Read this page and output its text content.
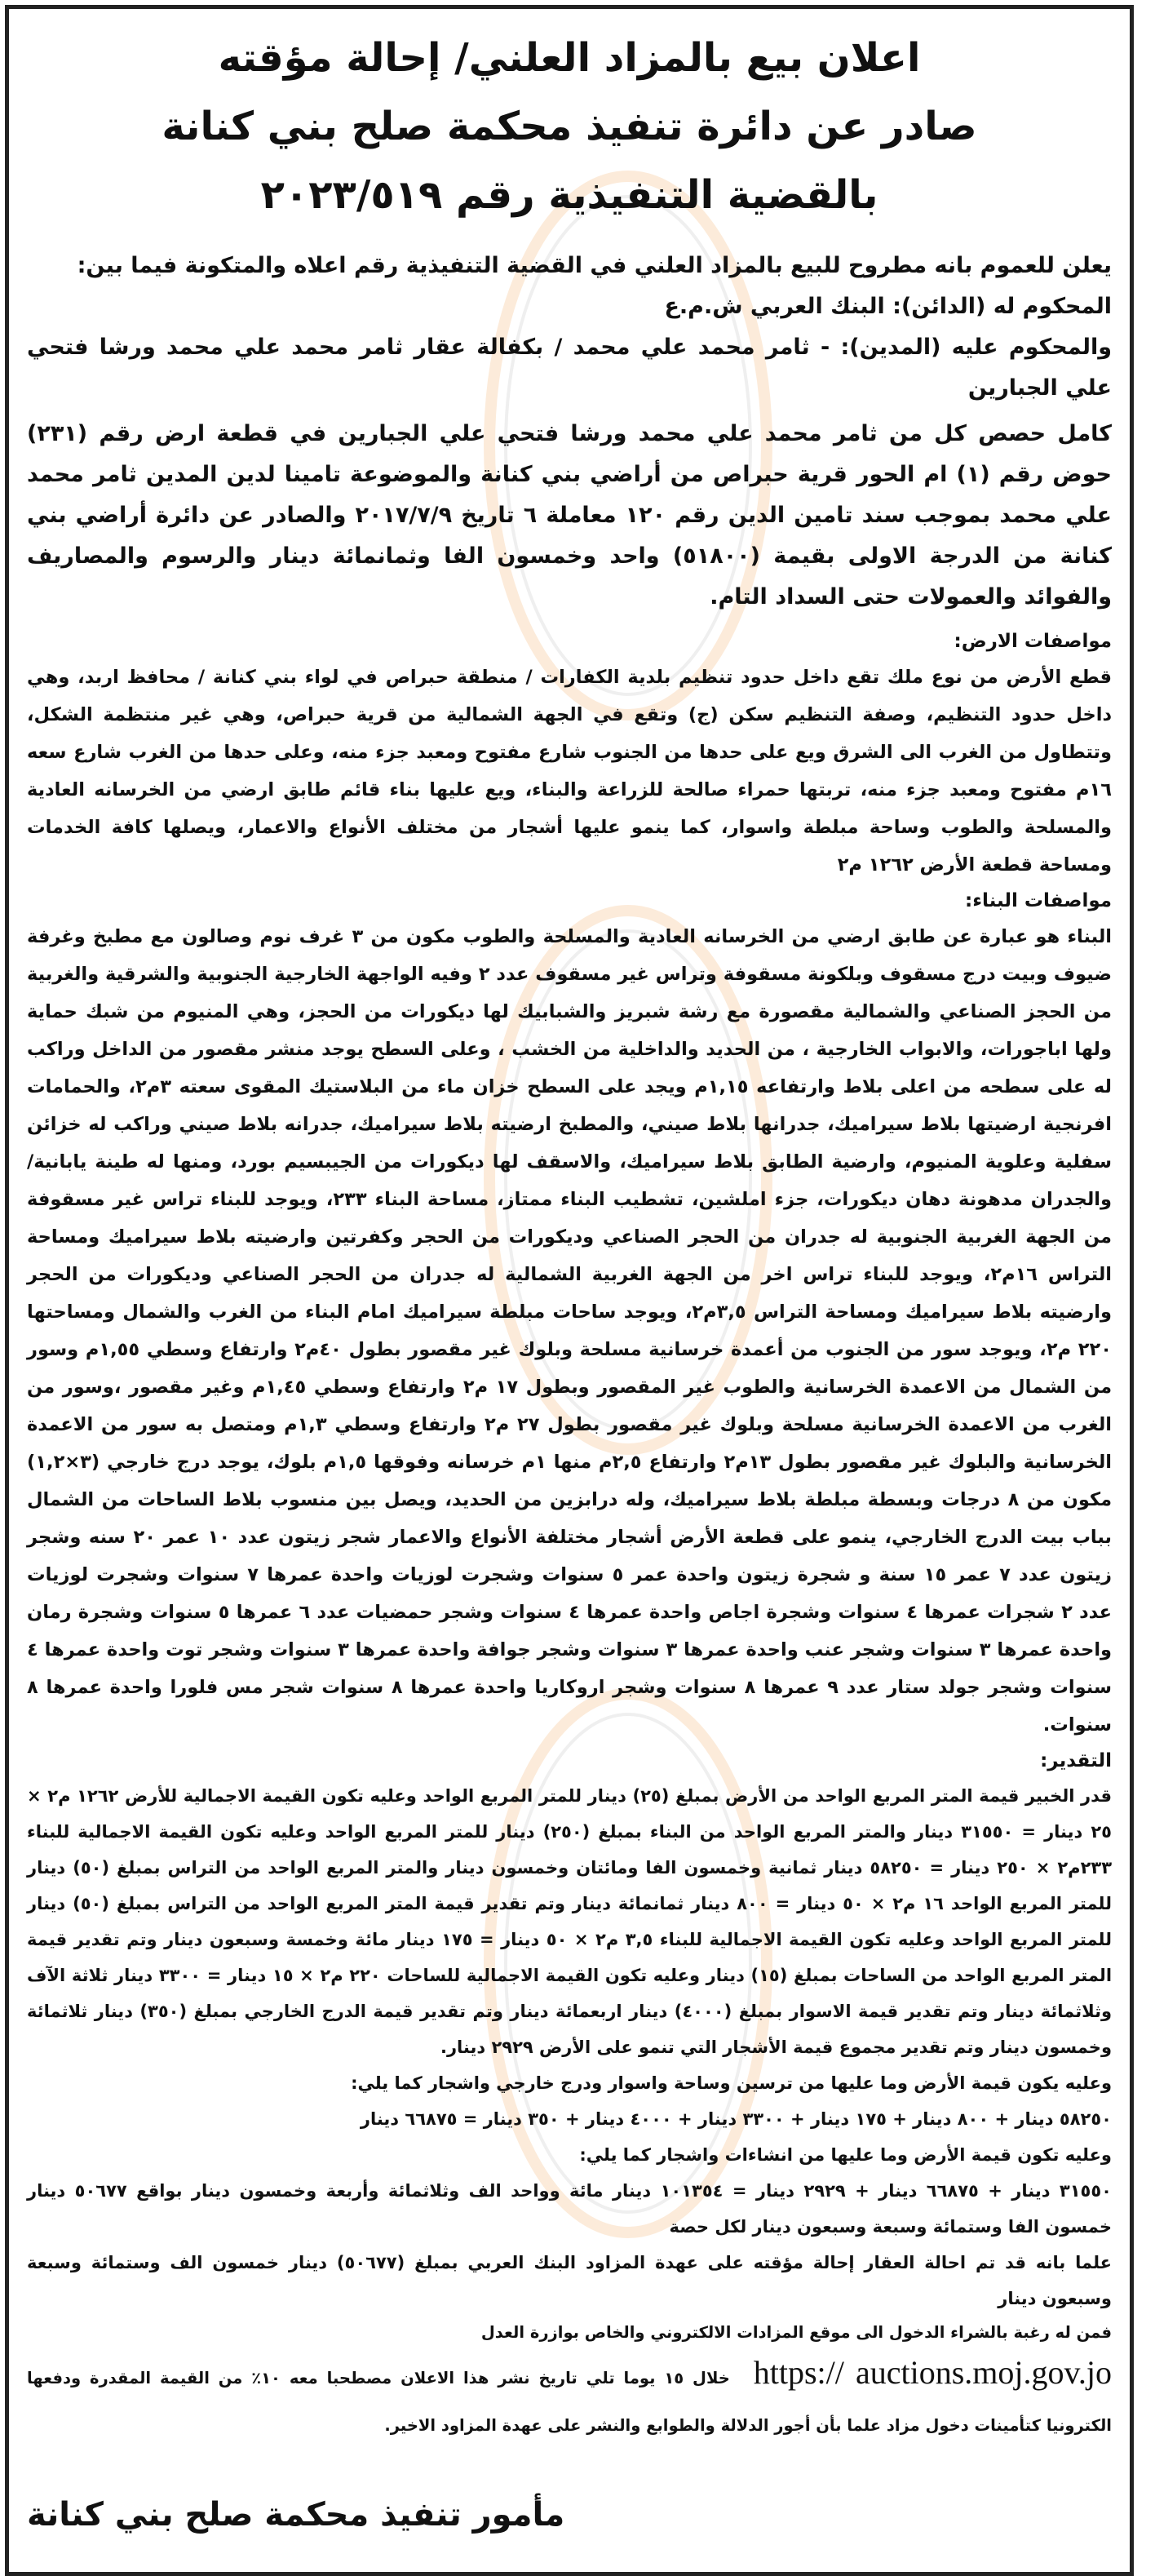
اعلان بيع بالمزاد العلني/ إحالة مؤقته

صادر عن دائرة تنفيذ محكمة صلح بني كنانة

بالقضية التنفيذية رقم ٢٠٢٣/٥١٩

يعلن للعموم بانه مطروح للبيع بالمزاد العلني في القضية التنفيذية رقم اعلاه والمتكونة فيما بين:

المحكوم له (الدائن): البنك العربي ش.م.ع

والمحكوم عليه (المدين): - ثامر محمد علي محمد / بكفالة عقار ثامر محمد علي محمد ورشا فتحي علي الجبارين

كامل حصص كل من ثامر محمد علي محمد ورشا فتحي علي الجبارين في قطعة ارض رقم (٢٣١) حوض رقم (١) ام الحور قرية حبراص من أراضي بني كنانة والموضوعة تامينا لدين المدين ثامر محمد علي محمد بموجب سند تامين الدين رقم ١٢٠ معاملة ٦ تاريخ ٢٠١٧/٧/٩ والصادر عن دائرة أراضي بني كنانة من الدرجة الاولى بقيمة (٥١٨٠٠) واحد وخمسون الفا وثمانمائة دينار والرسوم والمصاريف والفوائد والعمولات حتى السداد التام.

مواصفات الارض:

قطع الأرض من نوع ملك تقع داخل حدود تنظيم بلدية الكفارات / منطقة حبراص في لواء بني كنانة / محافظ اربد، وهي داخل حدود التنظيم، وصفة التنظيم سكن (ج) وتقع في الجهة الشمالية من قرية حبراص، وهي غير منتظمة الشكل، وتتطاول من الغرب الى الشرق ويع على حدها من الجنوب شارع مفتوح ومعبد جزء منه، وعلى حدها من الغرب شارع سعه ١٦م مفتوح ومعبد جزء منه، تربتها حمراء صالحة للزراعة والبناء، ويع عليها بناء قائم طابق ارضي من الخرسانه العادية والمسلحة والطوب وساحة مبلطة واسوار، كما ينمو عليها أشجار من مختلف الأنواع والاعمار، ويصلها كافة الخدمات ومساحة قطعة الأرض ١٢٦٢ م٢

مواصفات البناء:

البناء هو عبارة عن طابق ارضي من الخرسانه العادية والمسلحة والطوب مكون من ٣ غرف نوم وصالون مع مطبخ وغرفة ضيوف وبيت درج مسقوف وبلكونة مسقوفة وتراس غير مسقوف عدد ٢ وفيه الواجهة الخارجية الجنوبية والشرقية والغربية من الحجز الصناعي والشمالية مقصورة مع رشة شبريز والشبابيك لها ديكورات من الحجز، وهي المنيوم من شبك حماية ولها اباجورات، والابواب الخارجية ، من الحديد والداخلية من الخشب ، وعلى السطح يوجد منشر مقصور من الداخل وراكب له على سطحه من اعلى بلاط وارتفاعه ١,١٥م ويجد على السطح خزان ماء من البلاستيك المقوى سعته ٣م٢، والحمامات افرنجية ارضيتها بلاط سيراميك، جدرانها بلاط صيني، والمطبخ ارضيته بلاط سيراميك، جدرانه بلاط صيني وراكب له خزائن سفلية وعلوية المنيوم، وارضية الطابق بلاط سيراميك، والاسقف لها ديكورات من الجيبسيم بورد، ومنها له طينة يابانية/ والجدران مدهونة دهان ديكورات، جزء املشين، تشطيب البناء ممتاز، مساحة البناء ٢٣٣، ويوجد للبناء تراس غير مسقوفة من الجهة الغربية الجنوبية له جدران من الحجر الصناعي وديكورات من الحجر وكفرتين وارضيته بلاط سيراميك ومساحة التراس ١٦م٢، ويوجد للبناء تراس اخر من الجهة الغربية الشمالية له جدران من الحجر الصناعي وديكورات من الحجر وارضيته بلاط سيراميك ومساحة التراس ٣,٥م٢، ويوجد ساحات مبلطة سيراميك امام البناء من الغرب والشمال ومساحتها ٢٢٠ م٢، ويوجد سور من الجنوب من أعمدة خرسانية مسلحة وبلوك غير مقصور بطول ٤٠م٢ وارتفاع وسطي ١,٥٥م وسور من الشمال من الاعمدة الخرسانية والطوب غير المقصور وبطول ١٧ م٢ وارتفاع وسطي ١,٤٥م وغير مقصور ،وسور من الغرب من الاعمدة الخرسانية مسلحة وبلوك غير مقصور بطول ٢٧ م٢ وارتفاع وسطي ١,٣م ومتصل به سور من الاعمدة الخرسانية والبلوك غير مقصور بطول ١٣م٢ وارتفاع ٢,٥م منها ١م خرسانه وفوقها ١,٥م بلوك، يوجد درج خارجي (٣×١,٢) مكون من ٨ درجات وبسطة مبلطة بلاط سيراميك، وله درابزين من الحديد، ويصل بين منسوب بلاط الساحات من الشمال بباب بيت الدرج الخارجي، ينمو على قطعة الأرض أشجار مختلفة الأنواع والاعمار شجر زيتون عدد ١٠ عمر ٢٠ سنه وشجر زيتون عدد ٧ عمر ١٥ سنة و شجرة زيتون واحدة عمر ٥ سنوات وشجرت لوزيات واحدة عمرها ٧ سنوات وشجرت لوزيات عدد ٢ شجرات عمرها ٤ سنوات وشجرة اجاص واحدة عمرها ٤ سنوات وشجر حمضيات عدد ٦ عمرها ٥ سنوات وشجرة رمان واحدة عمرها ٣ سنوات وشجر عنب واحدة عمرها ٣ سنوات وشجر جوافة واحدة عمرها ٣ سنوات وشجر توت واحدة عمرها ٤ سنوات وشجر جولد ستار عدد ٩ عمرها ٨ سنوات وشجر اروكاريا واحدة عمرها ٨ سنوات شجر مس فلورا واحدة عمرها ٨ سنوات.

التقدير:

قدر الخبير قيمة المتر المربع الواحد من الأرض بمبلغ (٢٥) دينار للمتر المربع الواحد وعليه تكون القيمة الاجمالية للأرض ١٢٦٢ م٢ × ٢٥ دينار = ٣١٥٥٠ دينار والمتر المربع الواحد من البناء بمبلغ (٢٥٠) دينار للمتر المربع الواحد وعليه تكون القيمة الاجمالية للبناء ٢٣٣م٢ × ٢٥٠ دينار = ٥٨٢٥٠ دينار ثمانية وخمسون الفا ومائتان وخمسون دينار والمتر المربع الواحد من التراس بمبلغ (٥٠) دينار للمتر المربع الواحد ١٦ م٢ × ٥٠ دينار = ٨٠٠ دينار ثمانمائة دينار وتم تقدير قيمة المتر المربع الواحد من التراس بمبلغ (٥٠) دينار للمتر المربع الواحد وعليه تكون القيمة الاجمالية للبناء ٣,٥ م٢ × ٥٠ دينار = ١٧٥ دينار مائة وخمسة وسبعون دينار وتم تقدير قيمة المتر المربع الواحد من الساحات بمبلغ (١٥) دينار وعليه تكون القيمة الاجمالية للساحات ٢٢٠ م٢ × ١٥ دينار = ٣٣٠٠ دينار ثلاثة الآف وثلاثمائة دينار وتم تقدير قيمة الاسوار بمبلغ (٤٠٠٠) دينار اربعمائة دينار وتم تقدير قيمة الدرج الخارجي بمبلغ (٣٥٠) دينار ثلاثمائة وخمسون دينار وتم تقدير مجموع قيمة الأشجار التي تنمو على الأرض ٢٩٢٩ دينار.

وعليه يكون قيمة الأرض وما عليها من ترسين وساحة واسوار ودرج خارجي واشجار كما يلي:

٥٨٢٥٠ دينار + ٨٠٠ دينار + ١٧٥ دينار + ٣٣٠٠ دينار + ٤٠٠٠ دينار + ٣٥٠ دينار = ٦٦٨٧٥ دينار

وعليه تكون قيمة الأرض وما عليها من انشاءات واشجار كما يلي:

٣١٥٥٠ دينار + ٦٦٨٧٥ دينار + ٢٩٢٩ دينار = ١٠١٣٥٤ دينار مائة وواحد الف وثلاثمائة وأربعة وخمسون دينار بواقع ٥٠٦٧٧ دينار خمسون الفا وستمائة وسبعة وسبعون دينار لكل حصة

علما بانه قد تم احالة العقار إحالة مؤقته على عهدة المزاود البنك العربي بمبلغ (٥٠٦٧٧) دينار خمسون الف وستمائة وسبعة وسبعون دينار

فمن له رغبة بالشراء الدخول الى موقع المزادات الالكتروني والخاص بوازرة العدل

https:// auctions.moj.gov.jo خلال ١٥ يوما تلي تاريخ نشر هذا الاعلان مصطحبا معه ١٠٪ من القيمة المقدرة ودفعها الكترونيا كتأمينات دخول مزاد علما بأن أجور الدلالة والطوابع والنشر على عهدة المزاود الاخير.

مأمور تنفيذ محكمة صلح بني كنانة
